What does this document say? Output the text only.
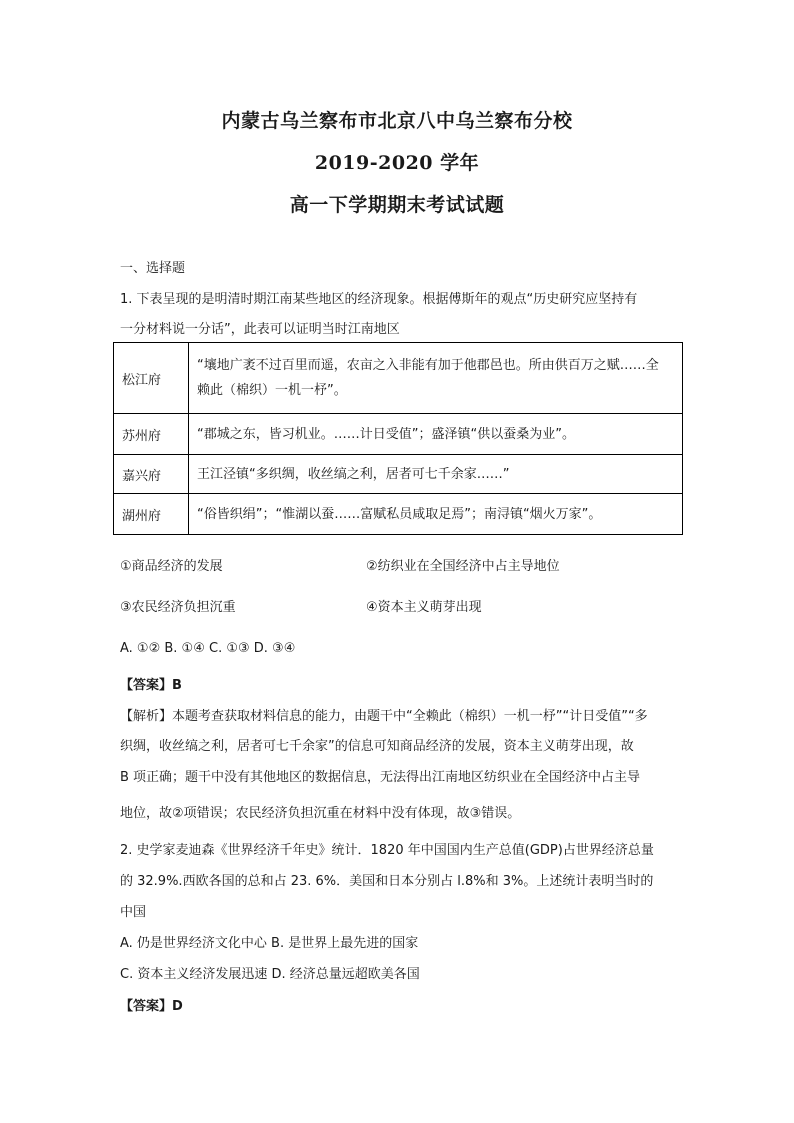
内蒙古乌兰察布市北京八中乌兰察布分校
2019-2020 学年
高一下学期期末考试试题
一、选择题
1. 下表呈现的是明清时期江南某些地区的经济现象。根据傅斯年的观点“历史研究应坚持有
一分材料说一分话”，此表可以证明当时江南地区
松江府	“壤地广袤不过百里而遥，农亩之入非能有加于他郡邑也。所由供百万之赋……全
赖此（棉织）一机一杼”。

苏州府	“郡城之东，皆习机业。……计日受值”；盛泽镇“供以蚕桑为业”。
嘉兴府	王江泾镇“多织绸，收丝缟之利，居者可七千余家……”
湖州府	“俗皆织绢”；“惟湖以蚕……富赋私员咸取足焉”；南浔镇“烟火万家”。
①商品经济的发展	②纺织业在全国经济中占主导地位
③农民经济负担沉重	④资本主义萌芽出现
A. ①② B. ①④ C. ①③ D. ③④
【答案】B
【解析】本题考查获取材料信息的能力，由题干中“全赖此（棉织）一机一杼”“计日受值”“多
织绸，收丝缟之利，居者可七千余家”的信息可知商品经济的发展，资本主义萌芽出现，故
B 项正确；题干中没有其他地区的数据信息，无法得出江南地区纺织业在全国经济中占主导
地位，故②项错误；农民经济负担沉重在材料中没有体现，故③错误。
2. 史学家麦迪森《世界经济千年史》统计．1820 年中国国内生产总值(GDP)占世界经济总量
的 32.9%.西欧各国的总和占 23. 6%．美国和日本分别占 l.8%和 3%。上述统计表明当时的
中国
A. 仍是世界经济文化中心 B. 是世界上最先进的国家
C. 资本主义经济发展迅速 D. 经济总量远超欧美各国
【答案】D
